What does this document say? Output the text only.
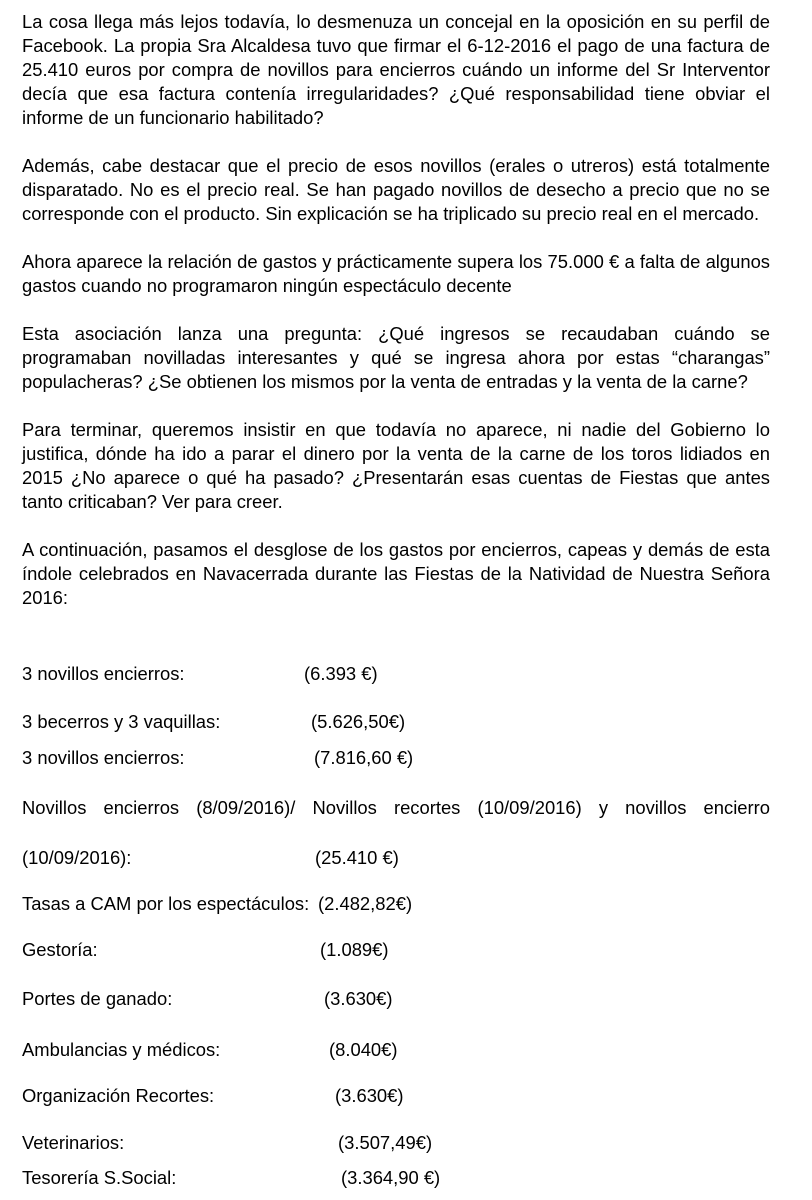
La cosa llega más lejos todavía, lo desmenuza un concejal en la oposición en su perfil de Facebook. La propia Sra Alcaldesa tuvo que firmar el 6-12-2016 el pago de una factura de 25.410 euros por compra de novillos para encierros cuándo un informe del Sr Interventor decía que esa factura contenía irregularidades? ¿Qué responsabilidad tiene obviar el informe de un funcionario habilitado?

Además, cabe destacar que el precio de esos novillos (erales o utreros) está totalmente disparatado. No es el precio real. Se han pagado novillos de desecho a precio que no se corresponde con el producto. Sin explicación se ha triplicado su precio real en el mercado.

Ahora aparece la relación de gastos y prácticamente supera los 75.000 € a falta de algunos gastos cuando no programaron ningún espectáculo decente

Esta asociación lanza una pregunta: ¿Qué ingresos se recaudaban cuándo se programaban novilladas interesantes y qué se ingresa ahora por estas “charangas” populacheras? ¿Se obtienen los mismos por la venta de entradas y la venta de la carne?

Para terminar, queremos insistir en que todavía no aparece, ni nadie del Gobierno lo justifica, dónde ha ido a parar el dinero por la venta de la carne de los toros lidiados en 2015 ¿No aparece o qué ha pasado? ¿Presentarán esas cuentas de Fiestas que antes tanto criticaban? Ver para creer.

A continuación, pasamos el desglose de los gastos por encierros, capeas y demás de esta índole celebrados en Navacerrada durante las Fiestas de la Natividad de Nuestra Señora 2016:

3 novillos encierros:	(6.393 €)
3 becerros y 3 vaquillas:	(5.626,50€)
3 novillos encierros:	(7.816,60 €)
Novillos encierros (8/09/2016)/ Novillos recortes (10/09/2016) y novillos encierro
(10/09/2016):	(25.410 €)
Tasas a CAM por los espectáculos: (2.482,82€)
Gestoría:	(1.089€)
Portes de ganado:	(3.630€)
Ambulancias y médicos:	(8.040€)
Organización Recortes:	(3.630€)
Veterinarios:	(3.507,49€)
Tesorería S.Social:	(3.364,90 €)
